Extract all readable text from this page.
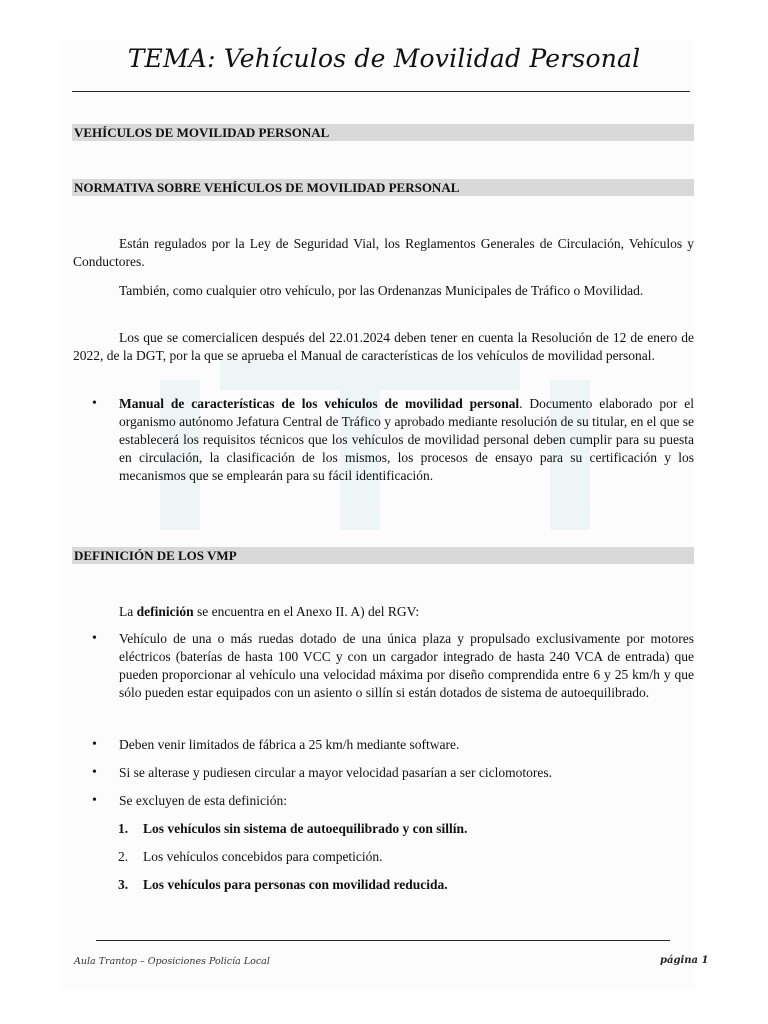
TEMA: Vehículos de Movilidad Personal
VEHÍCULOS DE MOVILIDAD PERSONAL
NORMATIVA SOBRE VEHÍCULOS DE MOVILIDAD PERSONAL
Están regulados por la Ley de Seguridad Vial, los Reglamentos Generales de Circulación, Vehículos y Conductores.
También, como cualquier otro vehículo, por las Ordenanzas Municipales de Tráfico o Movilidad.
Los que se comercialicen después del 22.01.2024 deben tener en cuenta la Resolución de 12 de enero de 2022, de la DGT, por la que se aprueba el Manual de características de los vehículos de movilidad personal.
• Manual de características de los vehículos de movilidad personal. Documento elaborado por el organismo autónomo Jefatura Central de Tráfico y aprobado mediante resolución de su titular, en el que se establecerá los requisitos técnicos que los vehículos de movilidad personal deben cumplir para su puesta en circulación, la clasificación de los mismos, los procesos de ensayo para su certificación y los mecanismos que se emplearán para su fácil identificación.
DEFINICIÓN DE LOS VMP
La definición se encuentra en el Anexo II. A) del RGV:
• Vehículo de una o más ruedas dotado de una única plaza y propulsado exclusivamente por motores eléctricos (baterías de hasta 100 VCC y con un cargador integrado de hasta 240 VCA de entrada) que pueden proporcionar al vehículo una velocidad máxima por diseño comprendida entre 6 y 25 km/h y que sólo pueden estar equipados con un asiento o sillín si están dotados de sistema de autoequilibrado.
• Deben venir limitados de fábrica a 25 km/h mediante software.
• Si se alterase y pudiesen circular a mayor velocidad pasarían a ser ciclomotores.
• Se excluyen de esta definición:
1.	Los vehículos sin sistema de autoequilibrado y con sillín.
2.	Los vehículos concebidos para competición.
3.	Los vehículos para personas con movilidad reducida.
Aula Trantop – Oposiciones Policía Local	página 1
